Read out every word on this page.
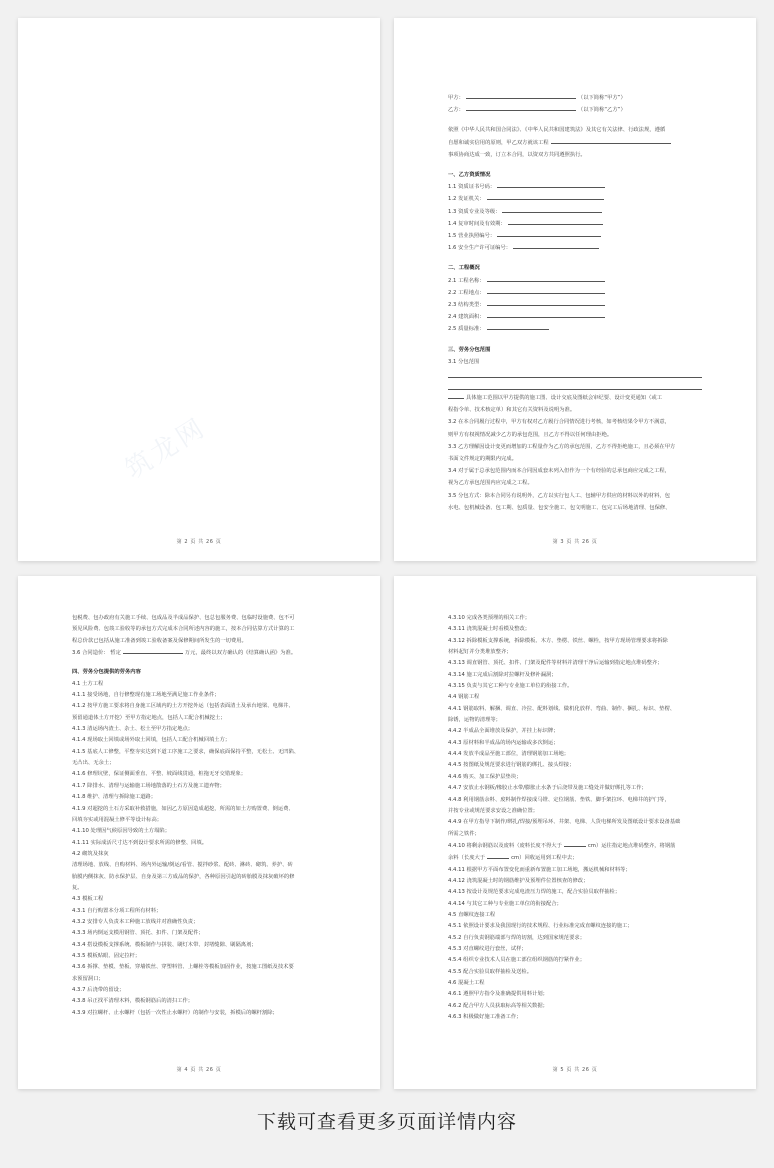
筑龙网
第 2 页 共 26 页

甲方：	（以下简称“甲方”）

乙方：	（以下简称“乙方”）

依照《中华人民共和国合同法》、《中华人民共和国建筑法》及其它有关法律、行政法规，遵循

自愿和诚实信用的原则，甲乙双方就该工程

事项协商达成一致，订立本合同，以资双方共同遵照执行。

一、乙方资质情况

1.1 资质证书号码：

1.2 发证机关：

1.3 资质专业及等级：

1.4 复审时间及有效期：

1.5 营业执照编号：

1.6 安全生产许可证编号：

二、工程概况

2.1 工程名称：

2.2 工程地点：

2.3 结构类型：

2.4 建筑面积：

2.5 质量标准：

三、劳务分包范围

3.1 分包范围

具体施工范围以甲方提供的施工图、设计交底及图纸会审纪要、设计变更通知（或工

程指令单、技术核定单）和其它有关资料及说明为准。

3.2 在本合同履行过程中，甲方有权对乙方履行合同情况进行考核，如考核结果令甲方不满意，

则甲方有权视情况减少乙方的承包范围，且乙方不得以任何理由拒绝。

3.3 乙方理解因设计变更而增加的工程量作为乙方的承包范围，乙方不得拒绝施工，且必须在甲方

书面文件规定的期限内完成。

3.4 对于属于总承包范围内而本合同因成套未列入但作为一个有经验的总承包商应完成之工程，

视为乙方承包范围内应完成之工程。

3.5 分包方式：除本合同另有说明外，乙方以实行包人工、包辅甲方供应的材料以外的材料，包

水电、包机械设备、包工期、包质量、包安全施工、包文明施工、包完工后场地清理、包保修、

第 3 页 共 26 页

包税费、包办政府有关施工手续、包成品及半成品保护、包总包服务费、包临时设施费、包不可

预见风险费、包竣工验收等的承包方式完成本合同所述内容的施工，按本合同估算方式计算的工

程总价款已包括从施工准备到竣工验收备案及保修期间所发生的一切费用。

3.6 合同造价： 暂定	万元，最终以双方确认的《结算确认函》为准。

四、劳务分包提供的劳务内容

4.1 土方工程

4.1.1 接受场地，自行修整现有施工场地至满足施工作业条件；

4.1.2 按甲方施工要求将自身施工区域内的土方开挖外运（包括表面清土及承台地梁、电梯井、

预留通道体土方开挖）至甲方指定地点，包括人工配合机械挖土；

4.1.3 清运场内渣土、杂土、松土至甲方指定地点；

4.1.4 现场取土回填或场外取土回填，包括人工配合机械回填土方；

4.1.5 基底人工修整，平整夯实达到下道工序施工之要求，确保底面保持平整，无松土、无凹陷、

无凸出、无余土；

4.1.6 修理坑壁，保证侧面垂直、平整、坡面线贯通，桩拖无牙交错现象；

4.1.7 降排水、清理与运输施工场地散落的土石方及施工遗弃物；

4.1.8 维护、清理与拆除施工道路；

4.1.9 对超挖的土石方采取补救措施，如因乙方原因造成超挖，所需的如土方购置费、倒运费、

回填夯实或用混凝土修平等设计标高；

4.1.10 处理因气候原因导致的土方塌陷；

4.1.11 实际成活尺寸达不到设计要求所需的修整、回填。

4.2 砌筑及抹灰

清理场地、放线、自购材料、场内外运输/倒运/看管、搅拌砂浆、配砖、淋砖、砌筑、养护、砖

胎膜内侧抹灰、防水保护层、自身及第三方成品的保护，各种原因引起的砖胎膜及抹灰破坏的修

复。

4.3 模板工程

4.3.1 自行购置本分项工程所有材料；

4.3.2 安排专人负责本工种施工放线并对准确性负责；

4.3.3 场内倒运支模用钢管、顶托、扣件、门架及配件；

4.3.4 搭设模板支撑系统、模板制作与拼装、刷灯木带、封堵缝隙、刷隔离剂；

4.3.5 模板贴眼、固定拉杆；

4.3.6 拆撑、垫模、垫板、穿墙铁丝、穿塑料管、上螺栓等模板加固作业，按施工图纸及技术要

求预留洞口；

4.3.7 后浇带的留设；

4.3.8 吊正找平清理木料，模板钢筋后的清扫工作；

4.3.9 对拉螺杆、止水螺杆（包括一次性止水螺杆）的制作与安装，拆模后的螺杆割除；

第 4 页 共 26 页

4.3.10 完成各类预埋的相关工作；

4.3.11 浇筑混凝土时看模及整改；

4.3.12 拆除模板支撑系统，拆除模板、木方、垫楞、铁丝、螺栓，按甲方现场管理要求将拆除

材料起钉并分类堆放整齐；

4.3.13 调直钢管、顶托、扣件、门架及配件等材料并清理干净后运输到指定地点堆码整齐；

4.3.14 施工完成后割除对拉螺杆及修补漏洞；

4.3.15 负责与其它工种与专业施工单位的衔接工作。

4.4 钢筋工程

4.4.1 钢筋取料、解捆、调直、冷拉、配料划线、做机化放样、弯曲、制作、捆扎、标识、垫楞、

除锈，运物的清理等；

4.4.2 半成品全面堆放及保护，并挂上标识牌；

4.4.3 原材料和半成品的场内运输或多次倒运；

4.4.4 发放半成品至施工部位，清理钢筋加工场地；

4.4.5 按图纸及规范要求进行钢筋的绑扎、接头焊接；

4.4.6 购买、加工保护层垫块；

4.4.7 安放止水钢板/橡胶止水带/膨胀止水条于后浇带及施工缝处并做好绑扎等工作；

4.4.8 利用钢筋余料、废料制作焊接成马镫、定位钢筋、垫铁、脚手架拉环、电梯井的护门等，

并按专业或规范要求安设之准确位置；

4.4.9 在甲方指导下制作/绑扎/焊接/预埋吊环、井架、电梯、人货电梯所发及图纸设计要求设备基础

所需之铁件；

4.4.10 将剩余钢筋以及废料（废料长度不得大于	cm）运往指定地点堆码整齐，将钢筋

余料（长度大于	cm）回收运用到工程中去；

4.4.11 根据甲方平面布置变化而重新布置施工加工场地，搬运机械和材料等；

4.4.12 浇筑混凝土时的钢筋维护及预埋件位置核查的修改；

4.4.13 按设计及规范要求完成电渣压力焊的施工，配合实验员取样抽检；

4.4.14 与其它工种与专业施工单位的衔接配合；

4.5 直螺纹连接工程

4.5.1 依照设计要求及我国现行的技术规程、行业标准完成直螺纹连接的施工；

4.5.2 自行负责钢筋端部与焊的切割，达到国家规范要求；

4.5.3 对直螺纹进行套丝，试样；

4.5.4 组织专业技术人员在施工部位组织钢筋的拧紧作业；

4.5.5 配合实验员取样抽检及送检。

4.6 混凝土工程

4.6.1 遵照甲方指令及准确提供用料计划；

4.6.2 配合甲方人员获取标高等相关数据；

4.6.3 积极做好施工准备工作；

第 5 页 共 26 页
下载可查看更多页面详情内容
